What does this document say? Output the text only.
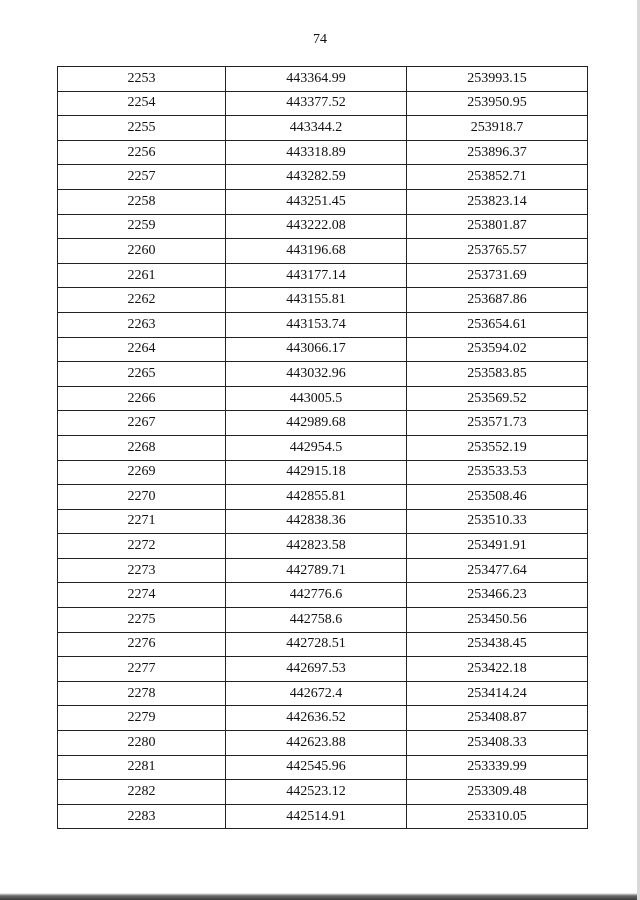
74
2253	443364.99	253993.15
2254	443377.52	253950.95
2255	443344.2	253918.7
2256	443318.89	253896.37
2257	443282.59	253852.71
2258	443251.45	253823.14
2259	443222.08	253801.87
2260	443196.68	253765.57
2261	443177.14	253731.69
2262	443155.81	253687.86
2263	443153.74	253654.61
2264	443066.17	253594.02
2265	443032.96	253583.85
2266	443005.5	253569.52
2267	442989.68	253571.73
2268	442954.5	253552.19
2269	442915.18	253533.53
2270	442855.81	253508.46
2271	442838.36	253510.33
2272	442823.58	253491.91
2273	442789.71	253477.64
2274	442776.6	253466.23
2275	442758.6	253450.56
2276	442728.51	253438.45
2277	442697.53	253422.18
2278	442672.4	253414.24
2279	442636.52	253408.87
2280	442623.88	253408.33
2281	442545.96	253339.99
2282	442523.12	253309.48
2283	442514.91	253310.05
